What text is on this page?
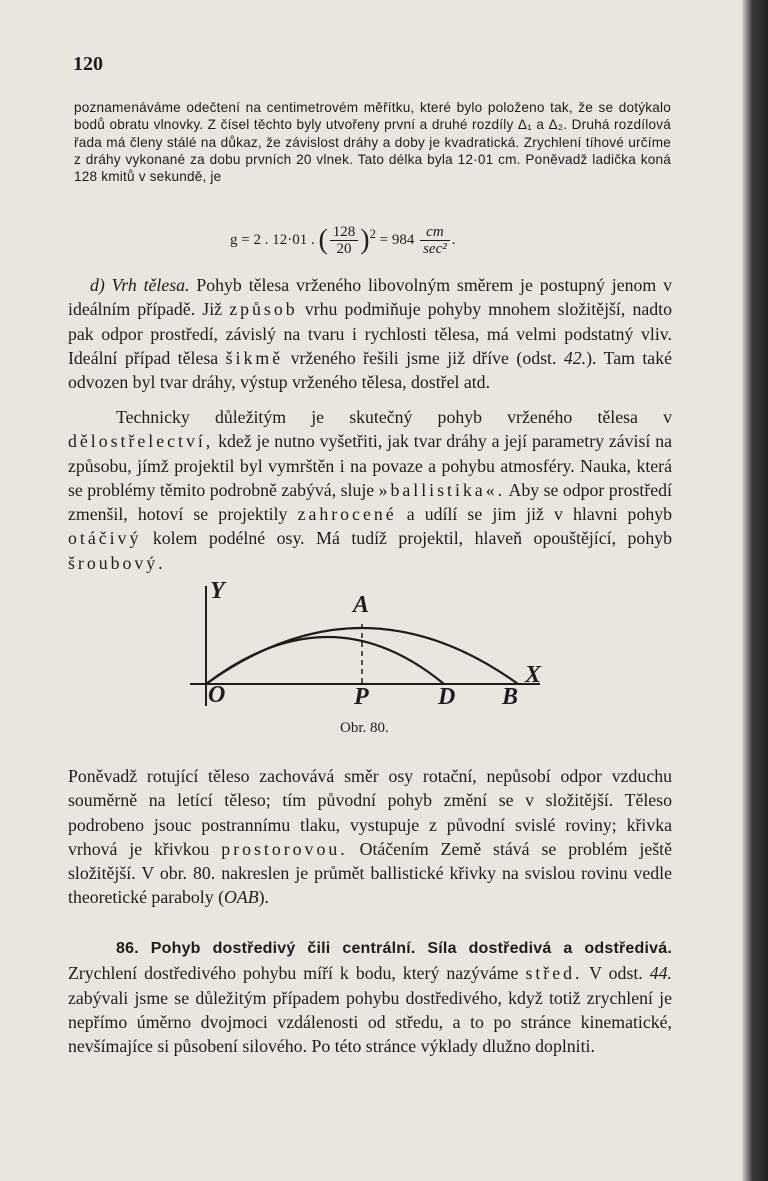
120

poznamenáváme odečtení na centimetrovém měřítku, které bylo položeno tak, že se dotýkalo bodů obratu vlnovky. Z čísel těchto byly utvořeny první a druhé rozdíly Δ₁ a Δ₂. Druhá rozdílová řada má členy stálé na důkaz, že závislost dráhy a doby je kvadratická. Zrychlení tíhové určíme z dráhy vykonané za dobu prvních 20 vlnek. Tato délka byla 12·01 cm. Poněvadž ladička koná 128 kmitů v sekundě, je

g = 2 . 12·01 . ( $\frac{128}{20} )^2 = 984 \frac{cm}{\text{sec²}}$ .

d) Vrh tělesa. Pohyb tělesa vrženého libovolným směrem je postupný jenom v ideálním případě. Již způsob vrhu podmiňuje pohyby mnohem složitější, nadto pak odpor prostředí, závislý na tvaru i rychlosti tělesa, má velmi podstatný vliv. Ideální případ tělesa šikmě vrženého řešili jsme již dříve (odst. 42.). Tam také odvozen byl tvar dráhy, výstup vrženého tělesa, dostřel atd.

Technicky důležitým je skutečný pohyb vrženého tělesa v dělostřelectví, kdež je nutno vyšetřiti, jak tvar dráhy a její parametry závisí na způsobu, jímž projektil byl vymrštěn i na povaze a pohybu atmosféry. Nauka, která se problémy těmito podrobně zabývá, sluje »ballistika«. Aby se odpor prostředí zmenšil, hotoví se projektily zahrocené a udílí se jim již v hlavni pohyb otáčivý kolem podélné osy. Má tudíž projektil, hlaveň opouštějící, pohyb šroubový.

Y
X
A
O	P	D B
Obr. 80.

Poněvadž rotující těleso zachovává směr osy rotační, nepůsobí odpor vzduchu souměrně na letící těleso; tím původní pohyb změní se v složitější. Těleso podrobeno jsouc postrannímu tlaku, vystupuje z původní svislé roviny; křivka vrhová je křivkou prostorovou. Otáčením Země stává se problém ještě složitější. V obr. 80. nakreslen je průmět ballistické křivky na svislou rovinu vedle theoretické paraboly (OAB).

86. Pohyb dostředivý čili centrální. Síla dostředivá a odstředivá. Zrychlení dostředivého pohybu míří k bodu, který nazýváme střed. V odst. 44. zabývali jsme se důležitým případem pohybu dostředivého, když totiž zrychlení je nepřímo úměrno dvojmoci vzdálenosti od středu, a to po stránce kinematické, nevšímajíce si působení silového. Po této stránce výklady dlužno doplniti.
